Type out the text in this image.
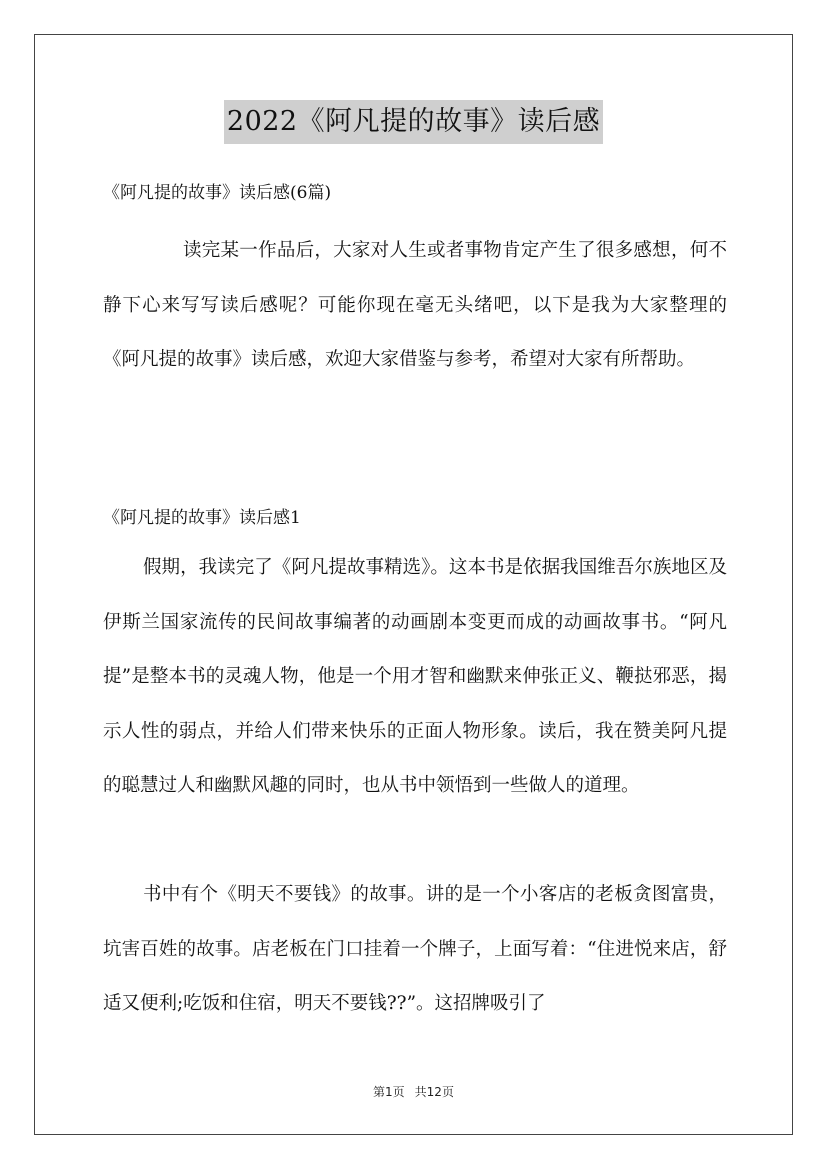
2022《阿凡提的故事》读后感
《阿凡提的故事》读后感(6篇)

读完某一作品后，大家对人生或者事物肯定产生了很多感想，何不静下心来写写读后感呢？可能你现在毫无头绪吧，以下是我为大家整理的《阿凡提的故事》读后感，欢迎大家借鉴与参考，希望对大家有所帮助。

《阿凡提的故事》读后感1

假期，我读完了《阿凡提故事精选》。这本书是依据我国维吾尔族地区及伊斯兰国家流传的民间故事编著的动画剧本变更而成的动画故事书。“阿凡提”是整本书的灵魂人物，他是一个用才智和幽默来伸张正义、鞭挞邪恶，揭示人性的弱点，并给人们带来快乐的正面人物形象。读后，我在赞美阿凡提的聪慧过人和幽默风趣的同时，也从书中领悟到一些做人的道理。

书中有个《明天不要钱》的故事。讲的是一个小客店的老板贪图富贵，坑害百姓的故事。店老板在门口挂着一个牌子，上面写着：“住进悦来店，舒适又便利;吃饭和住宿，明天不要钱??”。这招牌吸引了

第1页 共12页
